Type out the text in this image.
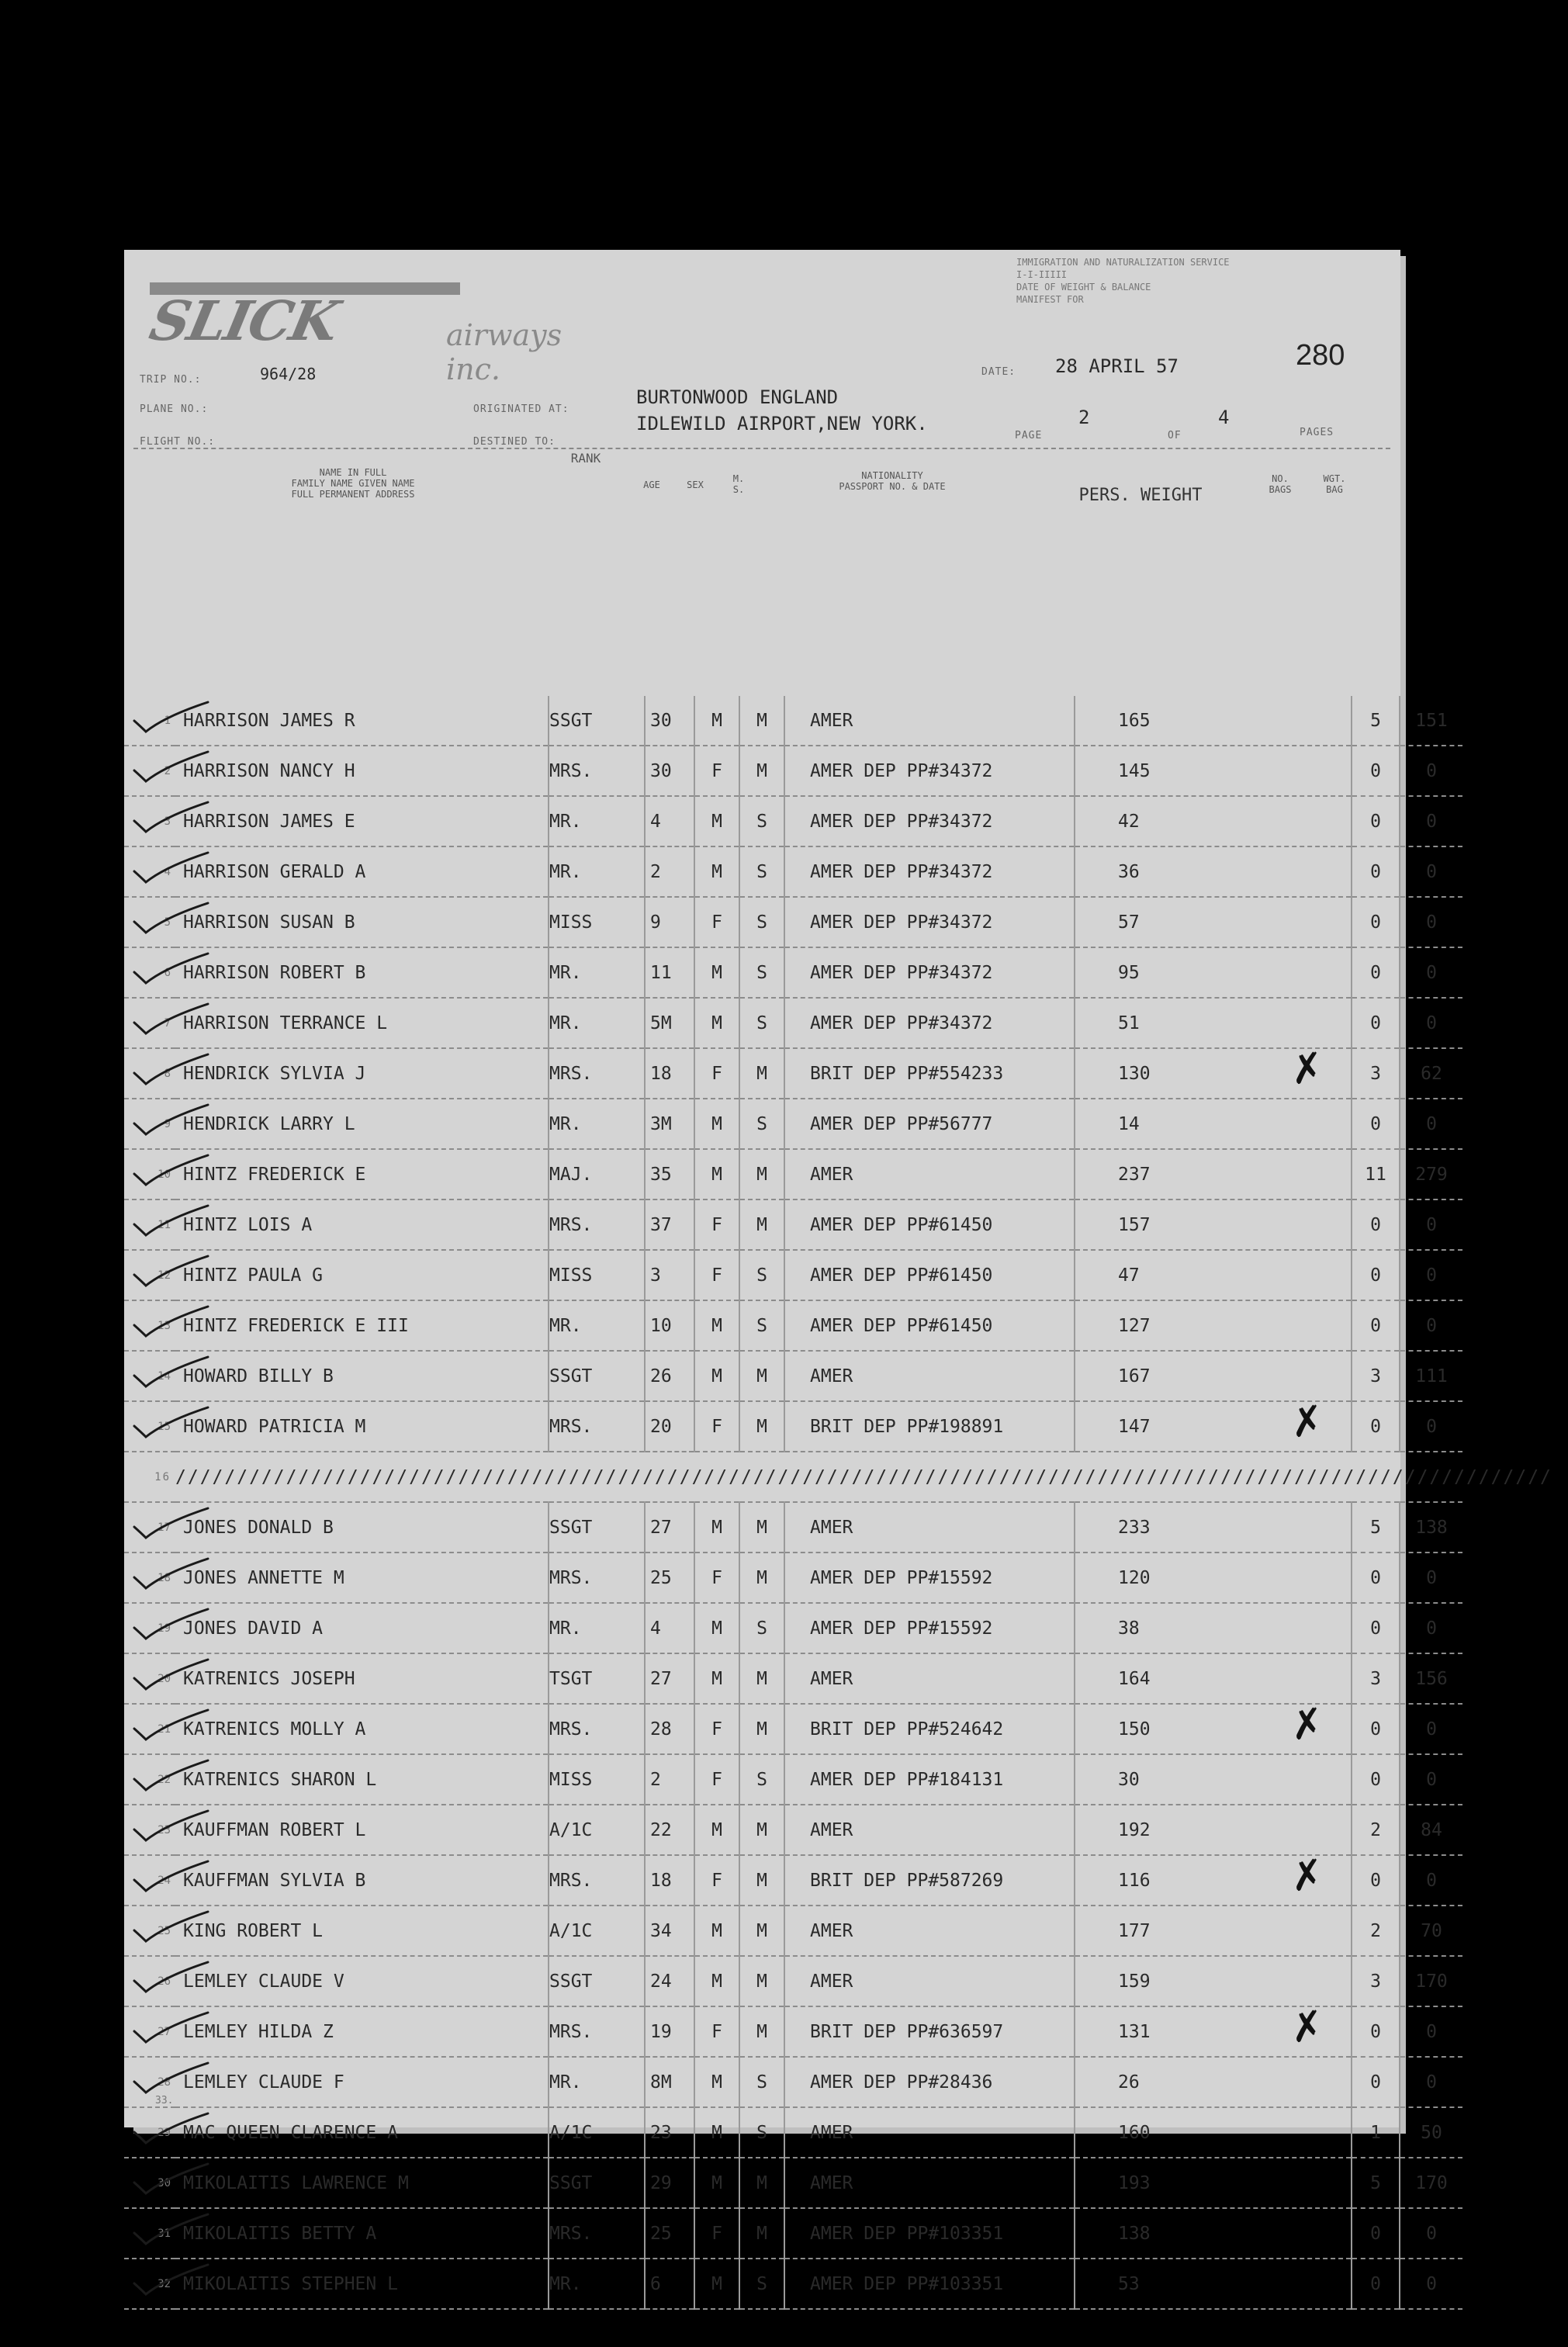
SLICK	airways inc.
IMMIGRATION AND NATURALIZATION SERVICE
I-I-IIIII
DATE OF WEIGHT & BALANCE
MANIFEST FOR
280
TRIP NO.:	964/28
PLANE NO.:
FLIGHT NO.:
ORIGINATED AT:
BURTONWOOD ENGLAND
DESTINED TO:
IDLEWILD AIRPORT,NEW YORK.
DATE: 28 APRIL 57
PAGE
2
OF
4
PAGES
NAME IN FULL
FAMILY NAME GIVEN NAME
FULL PERMANENT ADDRESS
RANK
AGE	SEX
M.
S.
NATIONALITY
PASSPORT NO. & DATE	PERS. WEIGHT
NO.
BAGS
WGT.
BAG
1	HARRISON JAMES R	SSGT	30	M	M	AMER	165	5	151
2	HARRISON NANCY H	MRS.	30	F	M	AMER DEP PP#34372	145	0	0
3	HARRISON JAMES E	MR.	4	M	S	AMER DEP PP#34372	42	0	0
4	HARRISON GERALD A	MR.	2	M	S	AMER DEP PP#34372	36	0	0
5	HARRISON SUSAN B	MISS	9	F	S	AMER DEP PP#34372	57	0	0
6	HARRISON ROBERT B	MR.	11	M	S	AMER DEP PP#34372	95	0	0
7	HARRISON TERRANCE L	MR.	5M	M	S	AMER DEP PP#34372	51	0	0
8	HENDRICK SYLVIA J	MRS.	18	F	M	BRIT DEP PP#554233	130 ✗	3	62
9	HENDRICK LARRY L	MR.	3M	M	S	AMER DEP PP#56777	14	0	0
10	HINTZ FREDERICK E	MAJ.	35	M	M	AMER	237	11	279
11	HINTZ LOIS A	MRS.	37	F	M	AMER DEP PP#61450	157	0	0
12	HINTZ PAULA G	MISS	3	F	S	AMER DEP PP#61450	47	0	0
13	HINTZ FREDERICK E III	MR.	10	M	S	AMER DEP PP#61450	127	0	0
14	HOWARD BILLY B	SSGT	26	M	M	AMER	167	3	111
15	HOWARD PATRICIA M	MRS.	20	F	M	BRIT DEP PP#198891	147 ✗	0	0
16	////////////////////////////////////////////////////////////////////////////////////////////////////////////////								
17	JONES DONALD B	SSGT	27	M	M	AMER	233	5	138
18	JONES ANNETTE M	MRS.	25	F	M	AMER DEP PP#15592	120	0	0
19	JONES DAVID A	MR.	4	M	S	AMER DEP PP#15592	38	0	0
20	KATRENICS JOSEPH	TSGT	27	M	M	AMER	164	3	156
21	KATRENICS MOLLY A	MRS.	28	F	M	BRIT DEP PP#524642	150 ✗	0	0
22	KATRENICS SHARON L	MISS	2	F	S	AMER DEP PP#184131	30	0	0
23	KAUFFMAN ROBERT L	A/1C	22	M	M	AMER	192	2	84
24	KAUFFMAN SYLVIA B	MRS.	18	F	M	BRIT DEP PP#587269	116 ✗	0	0
25	KING ROBERT L	A/1C	34	M	M	AMER	177	2	70
26	LEMLEY CLAUDE V	SSGT	24	M	M	AMER	159	3	170
27	LEMLEY HILDA Z	MRS.	19	F	M	BRIT DEP PP#636597	131 ✗	0	0
28	LEMLEY CLAUDE F	MR.	8M	M	S	AMER DEP PP#28436	26	0	0
29	MAC QUEEN CLARENCE A	A/1C	23	M	S	AMER	160	1	50
30	MIKOLAITIS LAWRENCE M	SSGT	29	M	M	AMER	193	5	170
31	MIKOLAITIS BETTY A	MRS.	25	F	M	AMER DEP PP#103351	138	0	0
32	MIKOLAITIS STEPHEN L	MR.	6	M	S	AMER DEP PP#103351	53	0	0
33.
